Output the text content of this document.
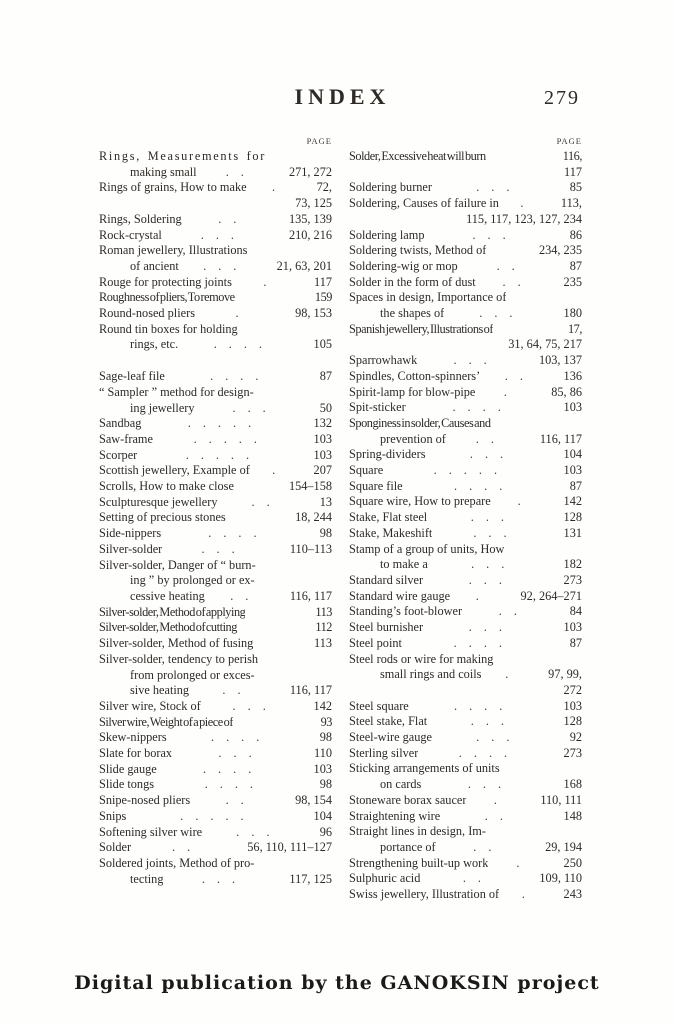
INDEX	279
PAGE
Rings, Measurements for
making small	..	271, 272
Rings of grains, How to make	.	72,
73, 125
Rings, Soldering	..	135, 139
Rock-crystal	...	210, 216
Roman jewellery, Illustrations
of ancient	...	21, 63, 201
Rouge for protecting joints	.	117
Roughness of pliers, To remove	159
Round-nosed pliers	.	98, 153
Round tin boxes for holding
rings, etc.	....	105
Sage-leaf file	....	87
“ Sampler ” method for design-
ing jewellery	...	50
Sandbag	.....	132
Saw-frame	.....	103
Scorper	.....	103
Scottish jewellery, Example of	.	207
Scrolls, How to make close	154–158
Sculpturesque jewellery	..	13
Setting of precious stones	18, 244
Side-nippers	....	98
Silver-solder	...	110–113
Silver-solder, Danger of “ burn-
ing ” by prolonged or ex-
cessive heating	..	116, 117
Silver-solder, Method of applying	113
Silver-solder, Method of cutting	112
Silver-solder, Method of fusing	113
Silver-solder, tendency to perish
from prolonged or exces-
sive heating	..	116, 117
Silver wire, Stock of	...	142
Silver wire, Weight of a piece of	93
Skew-nippers	....	98
Slate for borax	...	110
Slide gauge	....	103
Slide tongs	....	98
Snipe-nosed pliers	..	98, 154
Snips	.....	104
Softening silver wire	...	96
Solder	..	56, 110, 111–127
Soldered joints, Method of pro-
tecting	...	117, 125
PAGE
Solder, Excessive heat will burn	116,
117
Soldering burner	...	85
Soldering, Causes of failure in	.	113,
115, 117, 123, 127, 234
Soldering lamp	...	86
Soldering twists, Method of	234, 235
Soldering-wig or mop	..	87
Solder in the form of dust	..	235
Spaces in design, Importance of
the shapes of	...	180
Spanish jewellery, Illustrations of	17,
31, 64, 75, 217
Sparrowhawk	...	103, 137
Spindles, Cotton-spinners’	..	136
Spirit-lamp for blow-pipe	.	85, 86
Spit-sticker	....	103
Sponginess in solder, Causes and
prevention of	..	116, 117
Spring-dividers	...	104
Square	.....	103
Square file	....	87
Square wire, How to prepare	.	142
Stake, Flat steel	...	128
Stake, Makeshift	...	131
Stamp of a group of units, How
to make a	...	182
Standard silver	...	273
Standard wire gauge	.	92, 264–271
Standing’s foot-blower	..	84
Steel burnisher	...	103
Steel point	....	87
Steel rods or wire for making
small rings and coils	.	97, 99,
272
Steel square	....	103
Steel stake, Flat	...	128
Steel-wire gauge	...	92
Sterling silver	....	273
Sticking arrangements of units
on cards	...	168
Stoneware borax saucer	.	110, 111
Straightening wire	..	148
Straight lines in design, Im-
portance of	..	29, 194
Strengthening built-up work	.	250
Sulphuric acid	..	109, 110
Swiss jewellery, Illustration of	.	243
Digital publication by the GANOKSIN project
